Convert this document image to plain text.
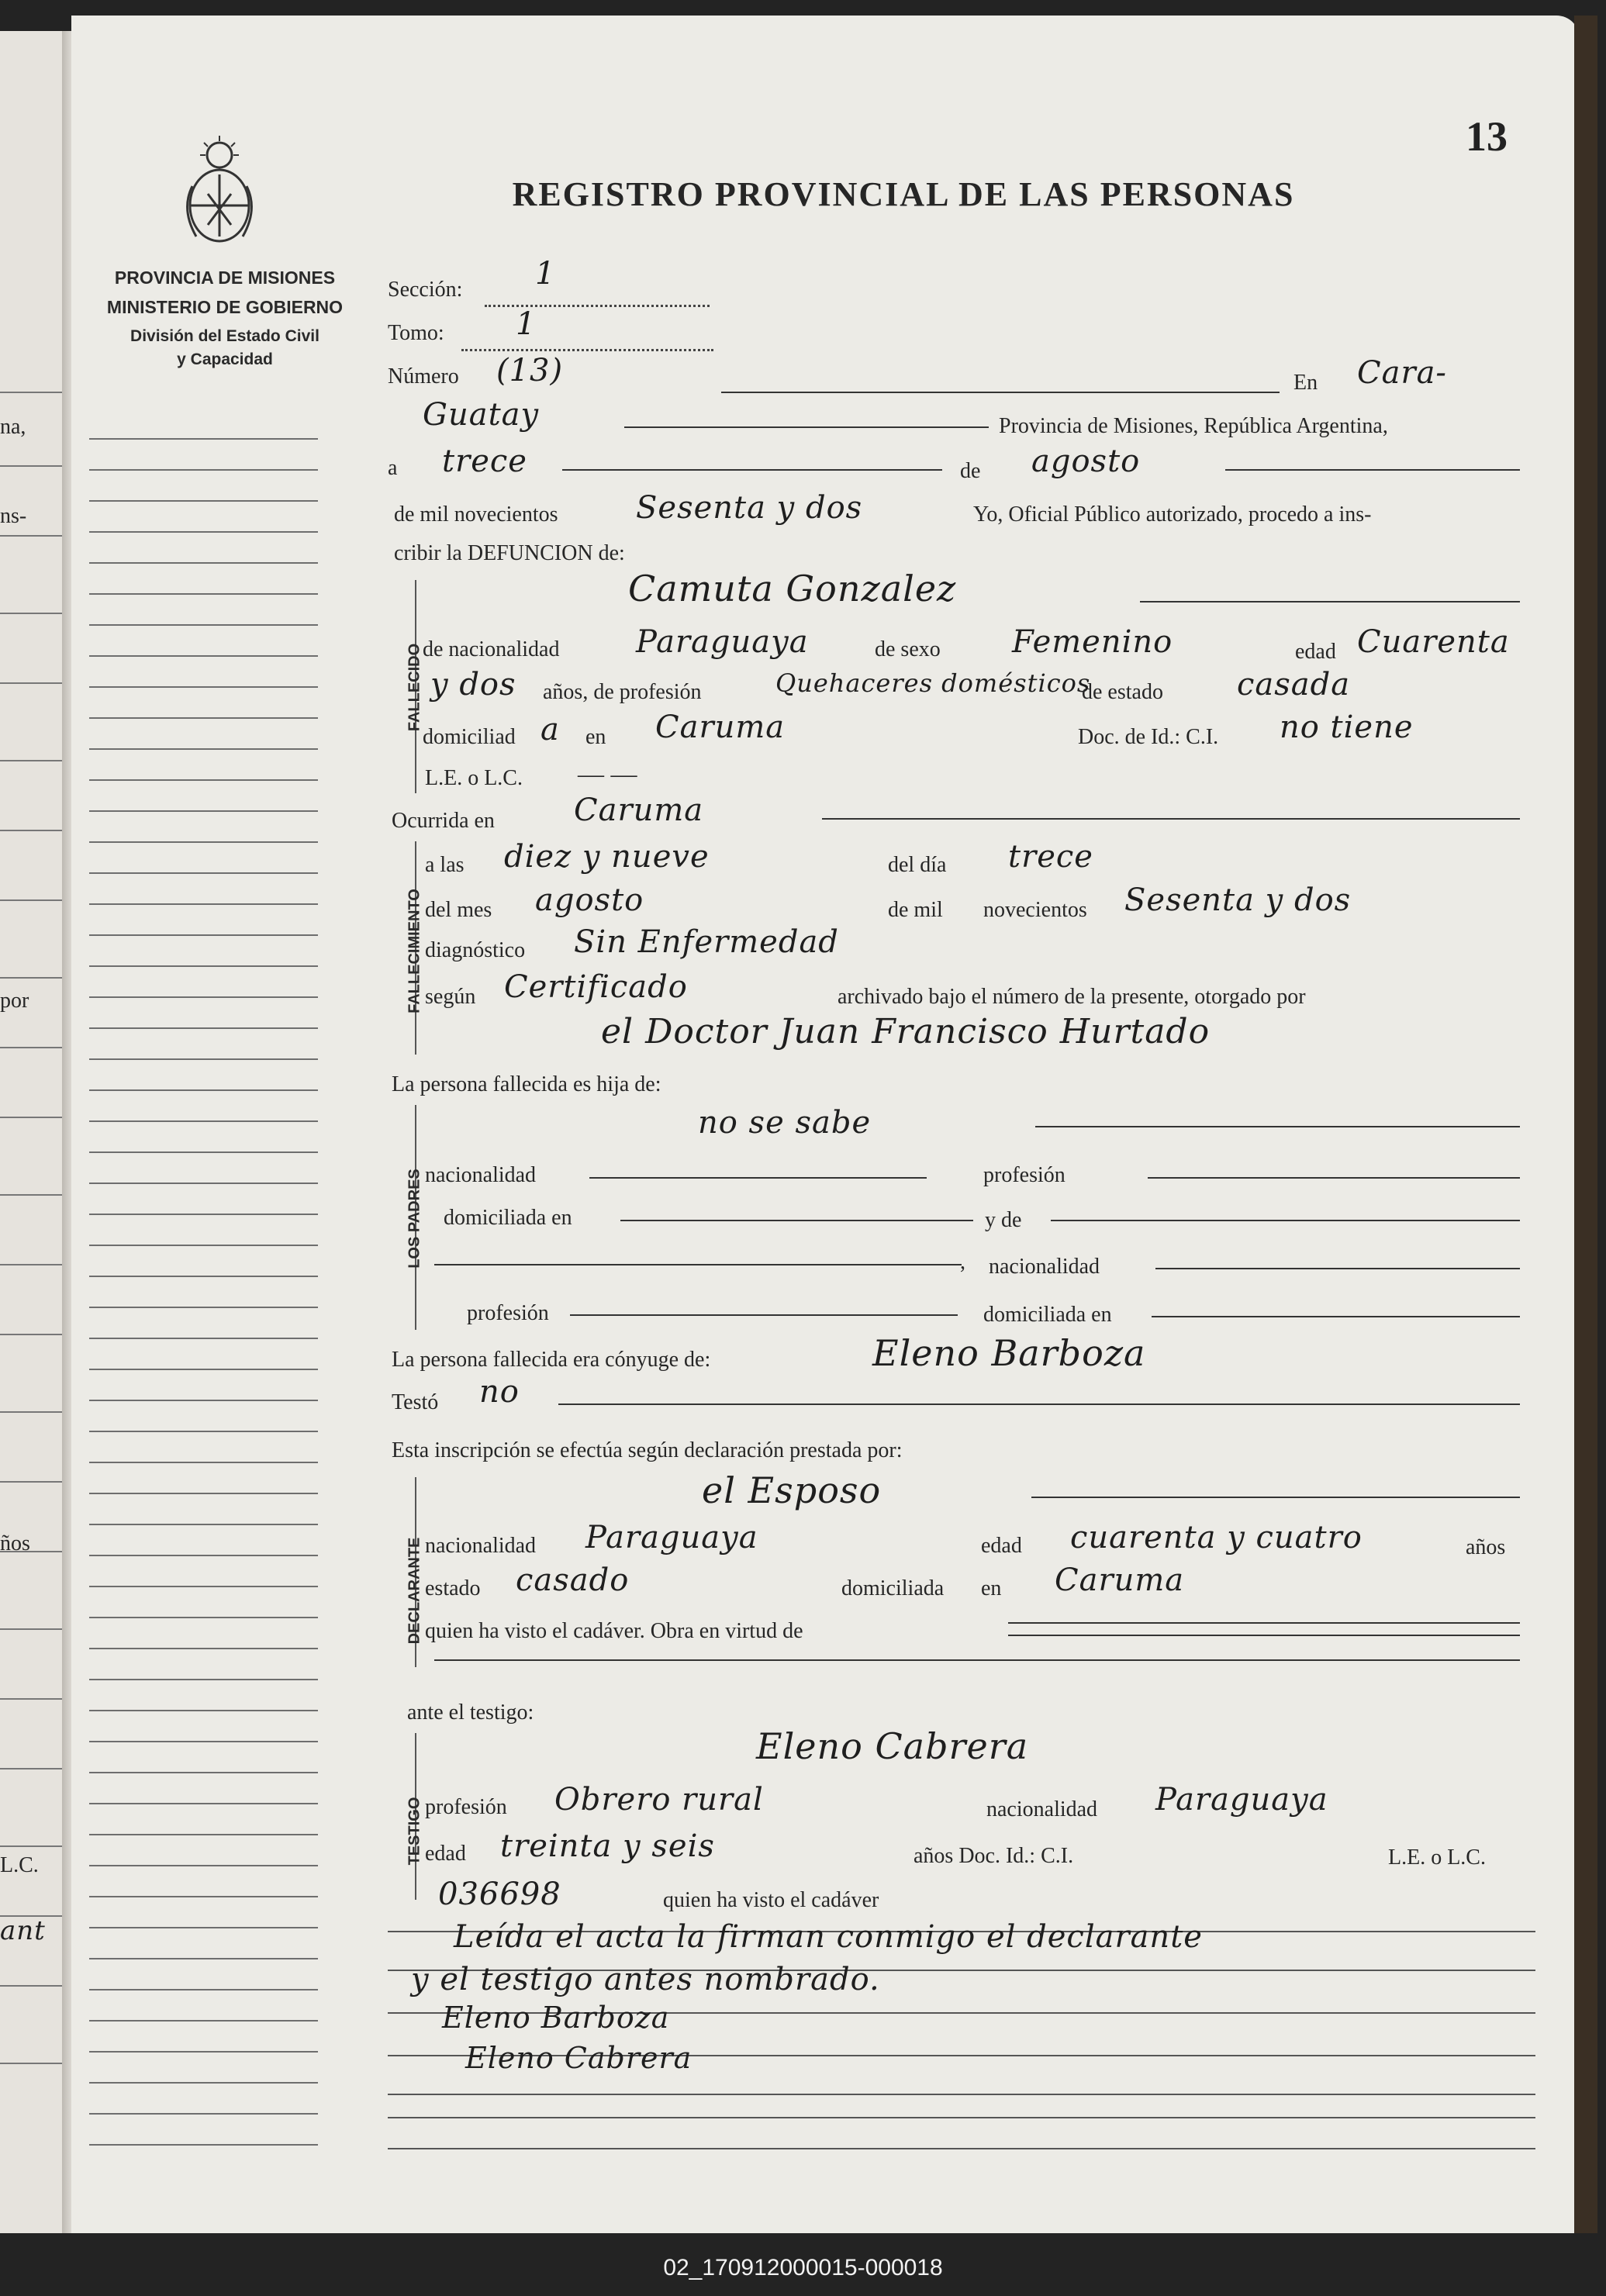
na,
ns-
por
ños
L.C.
ant
PROVINCIA DE MISIONES
MINISTERIO DE GOBIERNO
División del Estado Civil
y Capacidad
13
REGISTRO PROVINCIAL DE LAS PERSONAS
Sección: 1
Tomo: 1
Número (13)	En Cara-
Guatay	Provincia de Misiones, República Argentina,
a trece	de agosto
de mil novecientos	Sesenta y dos	Yo, Oficial Público autorizado, procedo a ins-
cribir la DEFUNCION de:
FALLECIDO
Camuta Gonzalez
de nacionalidad Paraguaya	de sexo Femenino	edad Cuarenta
y dos años, de profesión	Quehaceres domésticos
de estado casada
domiciliad a en Caruma	Doc. de Id.: C.I. no tiene
L.E. o L.C. — —
Ocurrida en	Caruma
FALLECIMIENTO
a las diez y nueve	del día trece
del mes agosto	de mil novecientos Sesenta y dos
diagnóstico Sin Enfermedad
según Certificado	archivado bajo el número de la presente, otorgado por
el Doctor Juan Francisco Hurtado
La persona fallecida es hija de:
LOS PADRES
no se sabe
nacionalidad	profesión
domiciliada en	y de
, nacionalidad
profesión	domiciliada en
La persona fallecida era cónyuge de:	Eleno Barboza
Testó no
Esta inscripción se efectúa según declaración prestada por:
DECLARANTE
el Esposo
nacionalidad Paraguaya	edad cuarenta y cuatro	años
estado casado	domiciliada en Caruma
quien ha visto el cadáver. Obra en virtud de
ante el testigo:
TESTIGO
Eleno Cabrera
profesión Obrero rural	nacionalidad Paraguaya
edad treinta y seis	años Doc. Id.: C.I.	L.E. o L.C.
036698	quien ha visto el cadáver
Leída el acta la firman conmigo el declarante
y el testigo antes nombrado.
Eleno Barboza
Eleno Cabrera
02_170912000015-000018
